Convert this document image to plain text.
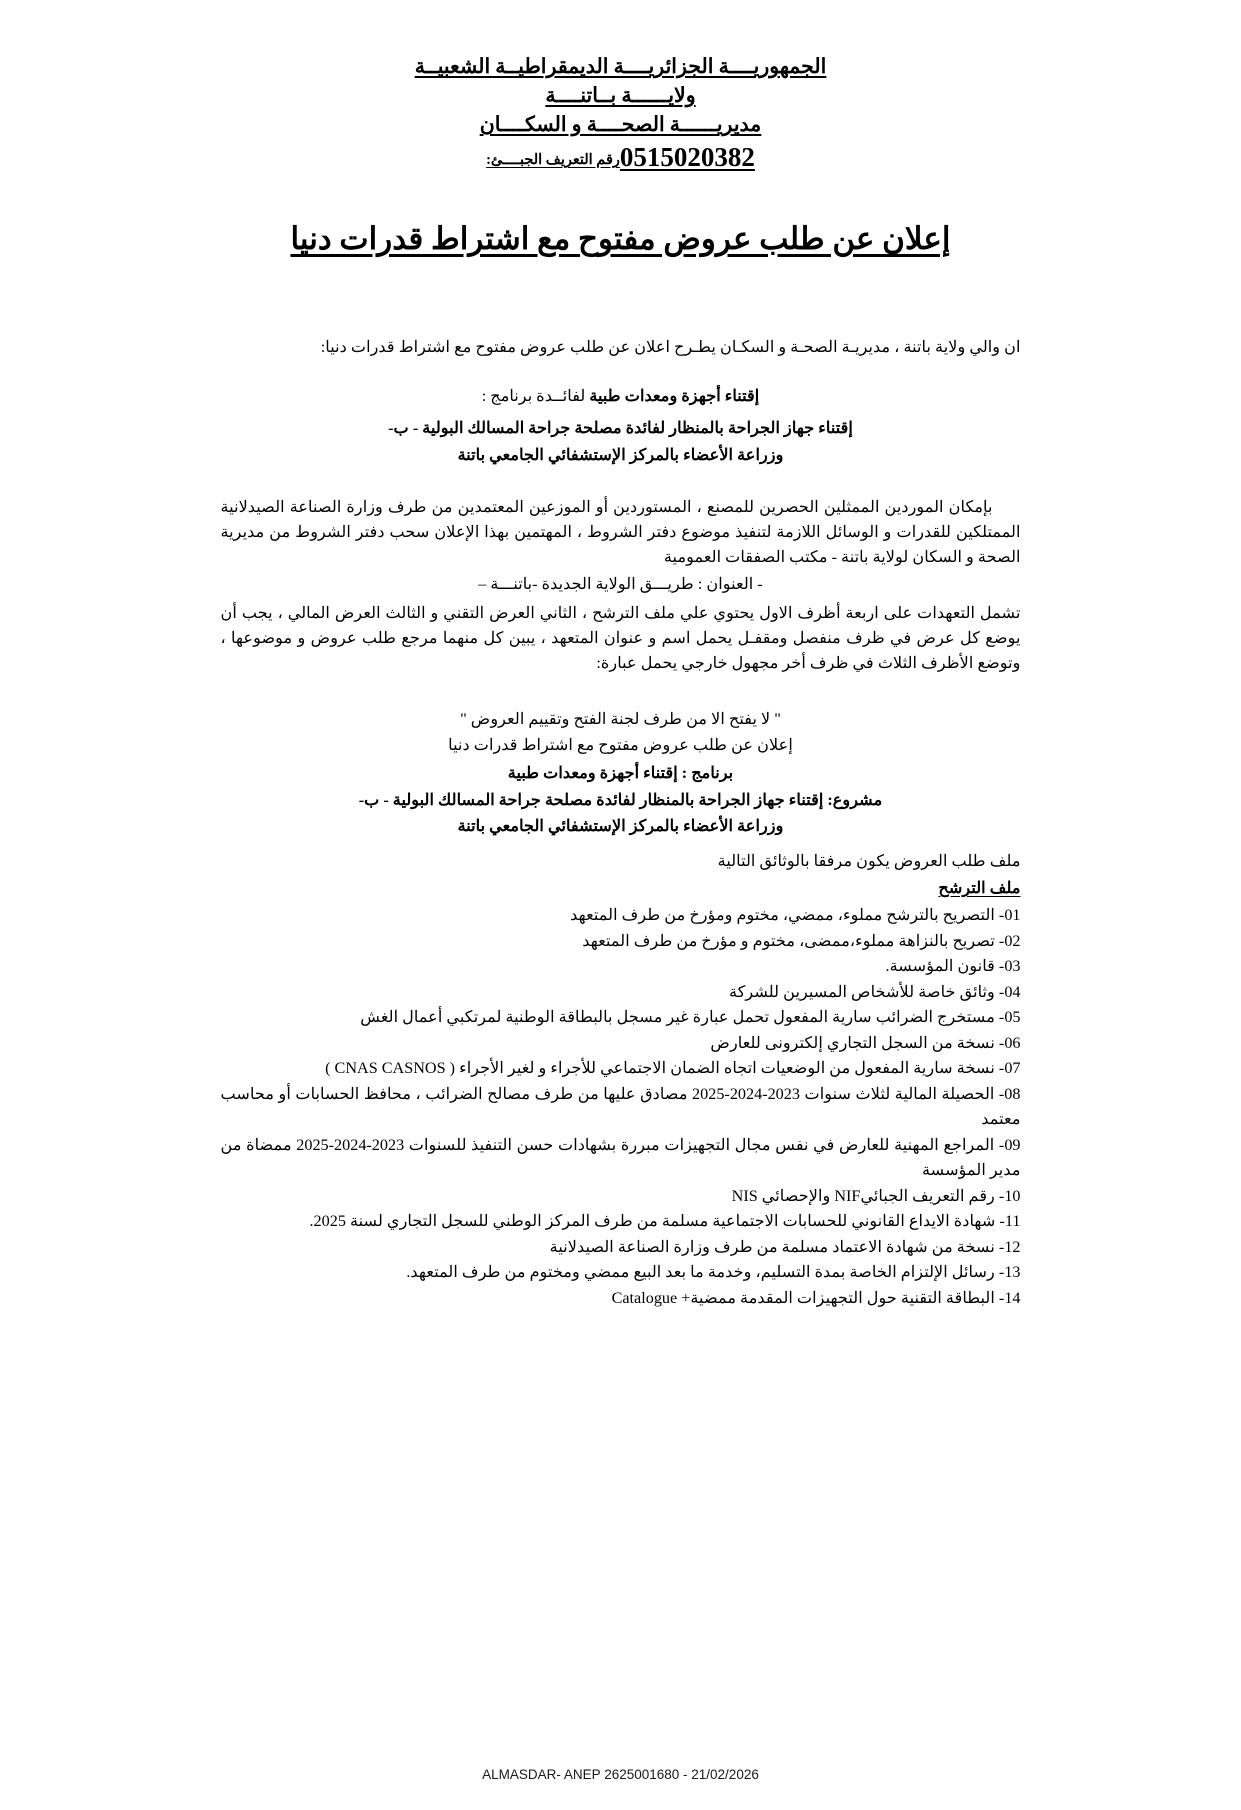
الجمهوريــــة الجزائريــــة الديمقراطيــة الشعبيــة
ولايــــــة بــاتنــــة
مديريــــــة الصحــــة و السكــــان
0515020382رقم التعريف الجبــــئ:
إعلان عن طلب عروض مفتوح مع اشتراط قدرات دنيا
ان والي ولاية باتنة ، مديريـة الصحـة و السكـان يطـرح اعلان عن طلب عروض مفتوح مع اشتراط قدرات دنيا:
إقتناء أجهزة ومعدات طبية لفائــدة برنامج :
إقتناء جهاز الجراحة بالمنظار لفائدة مصلحة جراحة المسالك البولية - ب-
وزراعة الأعضاء بالمركز الإستشفائي الجامعي باتنة
بإمكان الموردين الممثلين الحصرين للمصنع ، المستوردين أو الموزعين المعتمدين من طرف وزارة الصناعة الصيدلانية الممتلكين للقدرات و الوسائل اللازمة لتنفيذ موضوع دفتر الشروط ، المهتمين بهذا الإعلان سحب دفتر الشروط من مديرية الصحة و السكان لولاية باتنة - مكتب الصفقات العمومية
- العنوان : طريـــق الولاية الجديدة -باتنـــة –
تشمل التعهدات على اربعة أظرف الاول يحتوي علي ملف الترشح ، الثاني العرض التقني و الثالث العرض المالي ، يجب أن يوضع كل عرض في ظرف منفصل ومقفـل يحمل اسم و عنوان المتعهد ، يبين كل منهما مرجع طلب عروض و موضوعها ، وتوضع الأظرف الثلاث في ظرف أخر مجهول خارجي يحمل عبارة:
" لا يفتح الا من طرف لجنة الفتح وتقييم العروض "
إعلان عن طلب عروض مفتوح مع اشتراط قدرات دنيا
برنامج : إقتناء أجهزة ومعدات طبية
مشروع: إقتناء جهاز الجراحة بالمنظار لفائدة مصلحة جراحة المسالك البولية - ب-
وزراعة الأعضاء بالمركز الإستشفائي الجامعي باتنة
ملف طلب العروض يكون مرفقا بالوثائق التالية
ملف الترشح
01- التصريح بالترشح مملوء، ممضي، مختوم ومؤرخ من طرف المتعهد
02- تصريح بالنزاهة مملوء،ممضى، مختوم و مؤرخ من طرف المتعهد
03- قانون المؤسسة.
04- وثائق خاصة للأشخاص المسيرين للشركة
05- مستخرج الضرائب سارية المفعول تحمل عبارة غير مسجل بالبطاقة الوطنية لمرتكبي أعمال الغش
06- نسخة من السجل التجاري إلكترونى للعارض
07- نسخة سارية المفعول من الوضعيات اتجاه الضمان الاجتماعي للأجراء و لغير الأجراء ( CNAS CASNOS )
08- الحصيلة المالية لثلاث سنوات 2023-2024-2025 مصادق عليها من طرف مصالح الضرائب ، محافظ الحسابات أو محاسب معتمد
09- المراجع المهنية للعارض في نفس مجال التجهيزات مبررة بشهادات حسن التنفيذ للسنوات 2023-2024-2025 ممضاة من مدير المؤسسة
10- رقم التعريف الجبائيNIF والإحصائي NIS
11- شهادة الايداع القانوني للحسابات الاجتماعية مسلمة من طرف المركز الوطني للسجل التجاري لسنة 2025.
12- نسخة من شهادة الاعتماد مسلمة من طرف وزارة الصناعة الصيدلانية
13- رسائل الإلتزام الخاصة بمدة التسليم، وخدمة ما بعد البيع ممضي ومختوم من طرف المتعهد.
14- البطاقة التقنية حول التجهيزات المقدمة ممضية+ Catalogue
ALMASDAR- ANEP 2625001680 - 21/02/2026
